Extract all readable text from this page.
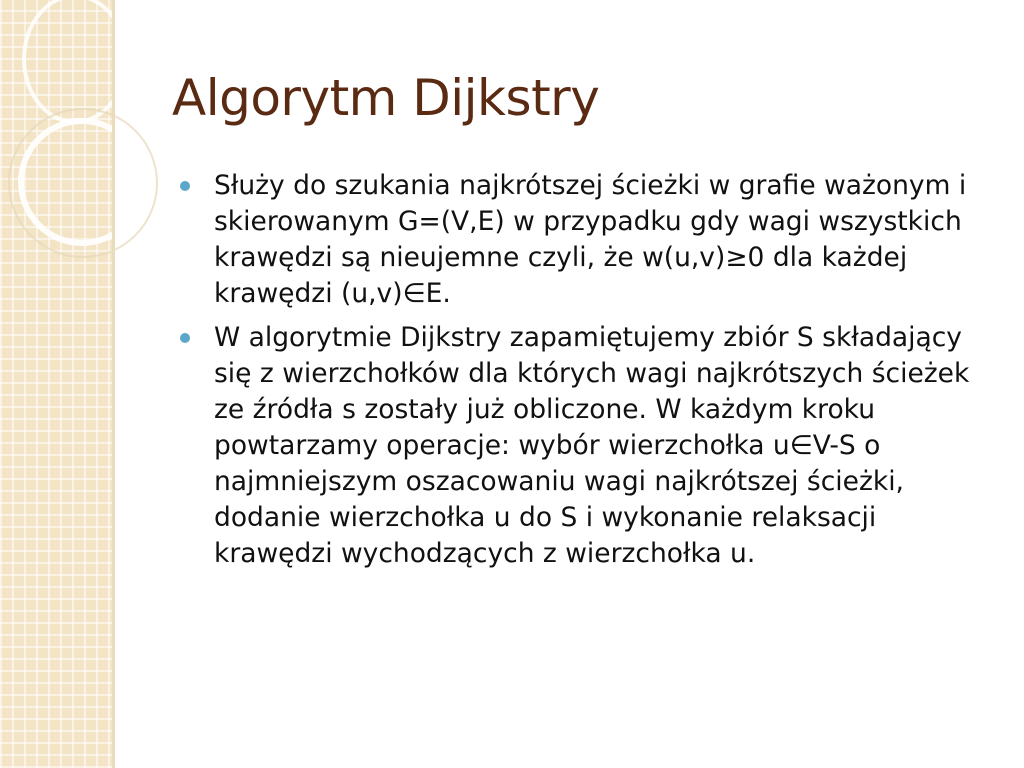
Algorytm Dijkstry
Służy do szukania najkrótszej ścieżki w grafie ważonym i skierowanym G=(V,E) w przypadku gdy wagi wszystkich krawędzi są nieujemne czyli, że w(u,v)≥0 dla każdej krawędzi (u,v)∈E.
W algorytmie Dijkstry zapamiętujemy zbiór S składający się z wierzchołków dla których wagi najkrótszych ścieżek ze źródła s zostały już obliczone. W każdym kroku powtarzamy operacje: wybór wierzchołka u∈V-S o najmniejszym oszacowaniu wagi najkrótszej ścieżki, dodanie wierzchołka u do S i wykonanie relaksacji krawędzi wychodzących z wierzchołka u.
